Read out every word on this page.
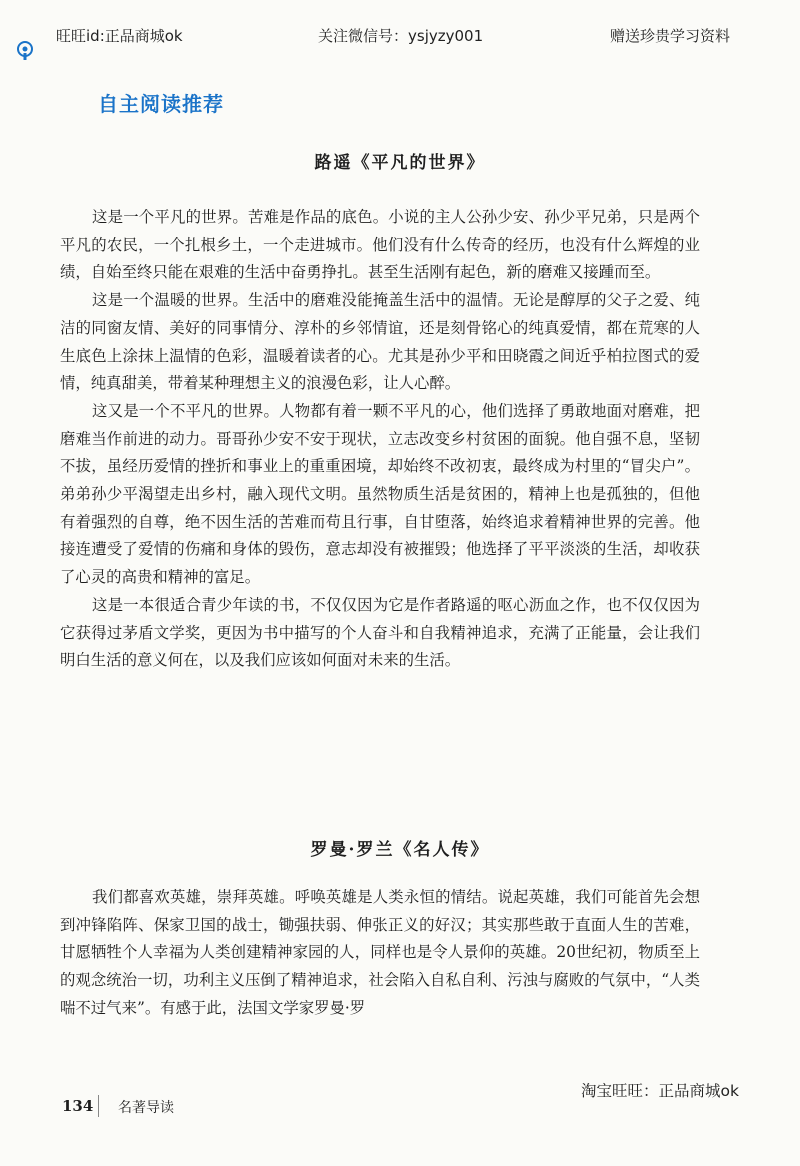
旺旺id:正品商城ok	关注微信号：ysjyzy001	赠送珍贵学习资料
自主阅读推荐
路遥《平凡的世界》

这是一个平凡的世界。苦难是作品的底色。小说的主人公孙少安、孙少平兄弟，只是两个平凡的农民，一个扎根乡土，一个走进城市。他们没有什么传奇的经历，也没有什么辉煌的业绩，自始至终只能在艰难的生活中奋勇挣扎。甚至生活刚有起色，新的磨难又接踵而至。

这是一个温暖的世界。生活中的磨难没能掩盖生活中的温情。无论是醇厚的父子之爱、纯洁的同窗友情、美好的同事情分、淳朴的乡邻情谊，还是刻骨铭心的纯真爱情，都在荒寒的人生底色上涂抹上温情的色彩，温暖着读者的心。尤其是孙少平和田晓霞之间近乎柏拉图式的爱情，纯真甜美，带着某种理想主义的浪漫色彩，让人心醉。

这又是一个不平凡的世界。人物都有着一颗不平凡的心，他们选择了勇敢地面对磨难，把磨难当作前进的动力。哥哥孙少安不安于现状，立志改变乡村贫困的面貌。他自强不息，坚韧不拔，虽经历爱情的挫折和事业上的重重困境，却始终不改初衷，最终成为村里的“冒尖户”。弟弟孙少平渴望走出乡村，融入现代文明。虽然物质生活是贫困的，精神上也是孤独的，但他有着强烈的自尊，绝不因生活的苦难而苟且行事，自甘堕落，始终追求着精神世界的完善。他接连遭受了爱情的伤痛和身体的毁伤，意志却没有被摧毁；他选择了平平淡淡的生活，却收获了心灵的高贵和精神的富足。

这是一本很适合青少年读的书，不仅仅因为它是作者路遥的呕心沥血之作，也不仅仅因为它获得过茅盾文学奖，更因为书中描写的个人奋斗和自我精神追求，充满了正能量，会让我们明白生活的意义何在，以及我们应该如何面对未来的生活。

罗曼·罗兰《名人传》

我们都喜欢英雄，崇拜英雄。呼唤英雄是人类永恒的情结。说起英雄，我们可能首先会想到冲锋陷阵、保家卫国的战士，锄强扶弱、伸张正义的好汉；其实那些敢于直面人生的苦难，甘愿牺牲个人幸福为人类创建精神家园的人，同样也是令人景仰的英雄。20世纪初，物质至上的观念统治一切，功利主义压倒了精神追求，社会陷入自私自利、污浊与腐败的气氛中，“人类喘不过气来”。有感于此，法国文学家罗曼·罗

淘宝旺旺：正品商城ok
134 名著导读
